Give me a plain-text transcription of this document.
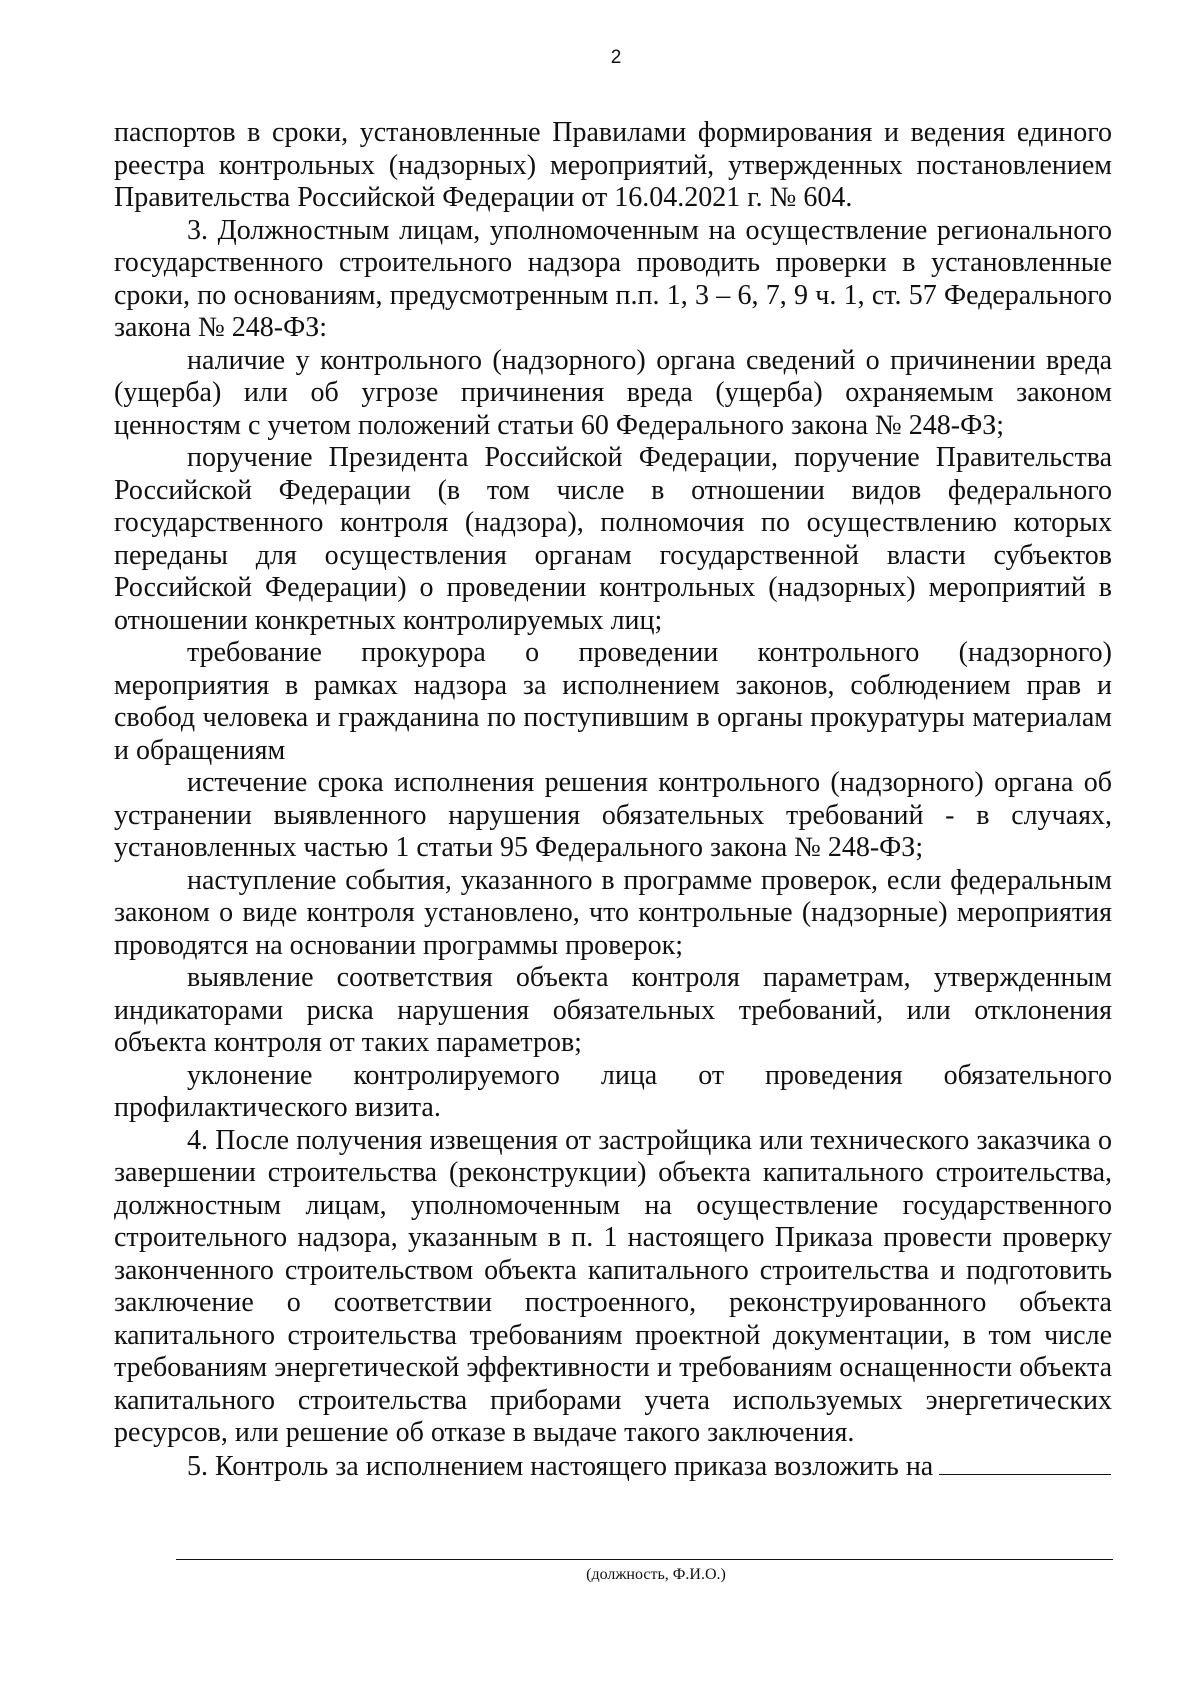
2

паспортов в сроки, установленные Правилами формирования и ведения единого реестра контрольных (надзорных) мероприятий, утвержденных постановлением Правительства Российской Федерации от 16.04.2021 г. № 604.

3. Должностным лицам, уполномоченным на осуществление регионального государственного строительного надзора проводить проверки в установленные сроки, по основаниям, предусмотренным п.п. 1, 3 – 6, 7, 9 ч. 1, ст. 57 Федерального закона № 248-ФЗ:

наличие у контрольного (надзорного) органа сведений о причинении вреда (ущерба) или об угрозе причинения вреда (ущерба) охраняемым законом ценностям с учетом положений статьи 60 Федерального закона № 248-ФЗ;

поручение Президента Российской Федерации, поручение Правительства Российской Федерации (в том числе в отношении видов федерального государственного контроля (надзора), полномочия по осуществлению которых переданы для осуществления органам государственной власти субъектов Российской Федерации) о проведении контрольных (надзорных) мероприятий в отношении конкретных контролируемых лиц;

требование прокурора о проведении контрольного (надзорного) мероприятия в рамках надзора за исполнением законов, соблюдением прав и свобод человека и гражданина по поступившим в органы прокуратуры материалам и обращениям

истечение срока исполнения решения контрольного (надзорного) органа об устранении выявленного нарушения обязательных требований - в случаях, установленных частью 1 статьи 95 Федерального закона № 248-ФЗ;

наступление события, указанного в программе проверок, если федеральным законом о виде контроля установлено, что контрольные (надзорные) мероприятия проводятся на основании программы проверок;

выявление соответствия объекта контроля параметрам, утвержденным индикаторами риска нарушения обязательных требований, или отклонения объекта контроля от таких параметров;

уклонение контролируемого лица от проведения обязательного профилактического визита.

4. После получения извещения от застройщика или технического заказчика о завершении строительства (реконструкции) объекта капитального строительства, должностным лицам, уполномоченным на осуществление государственного строительного надзора, указанным в п. 1 настоящего Приказа провести проверку законченного строительством объекта капитального строительства и подготовить заключение о соответствии построенного, реконструированного объекта капитального строительства требованиям проектной документации, в том числе требованиям энергетической эффективности и требованиям оснащенности объекта капитального строительства приборами учета используемых энергетических ресурсов, или решение об отказе в выдаче такого заключения.

5. Контроль за исполнением настоящего приказа возложить на

(должность, Ф.И.О.)
